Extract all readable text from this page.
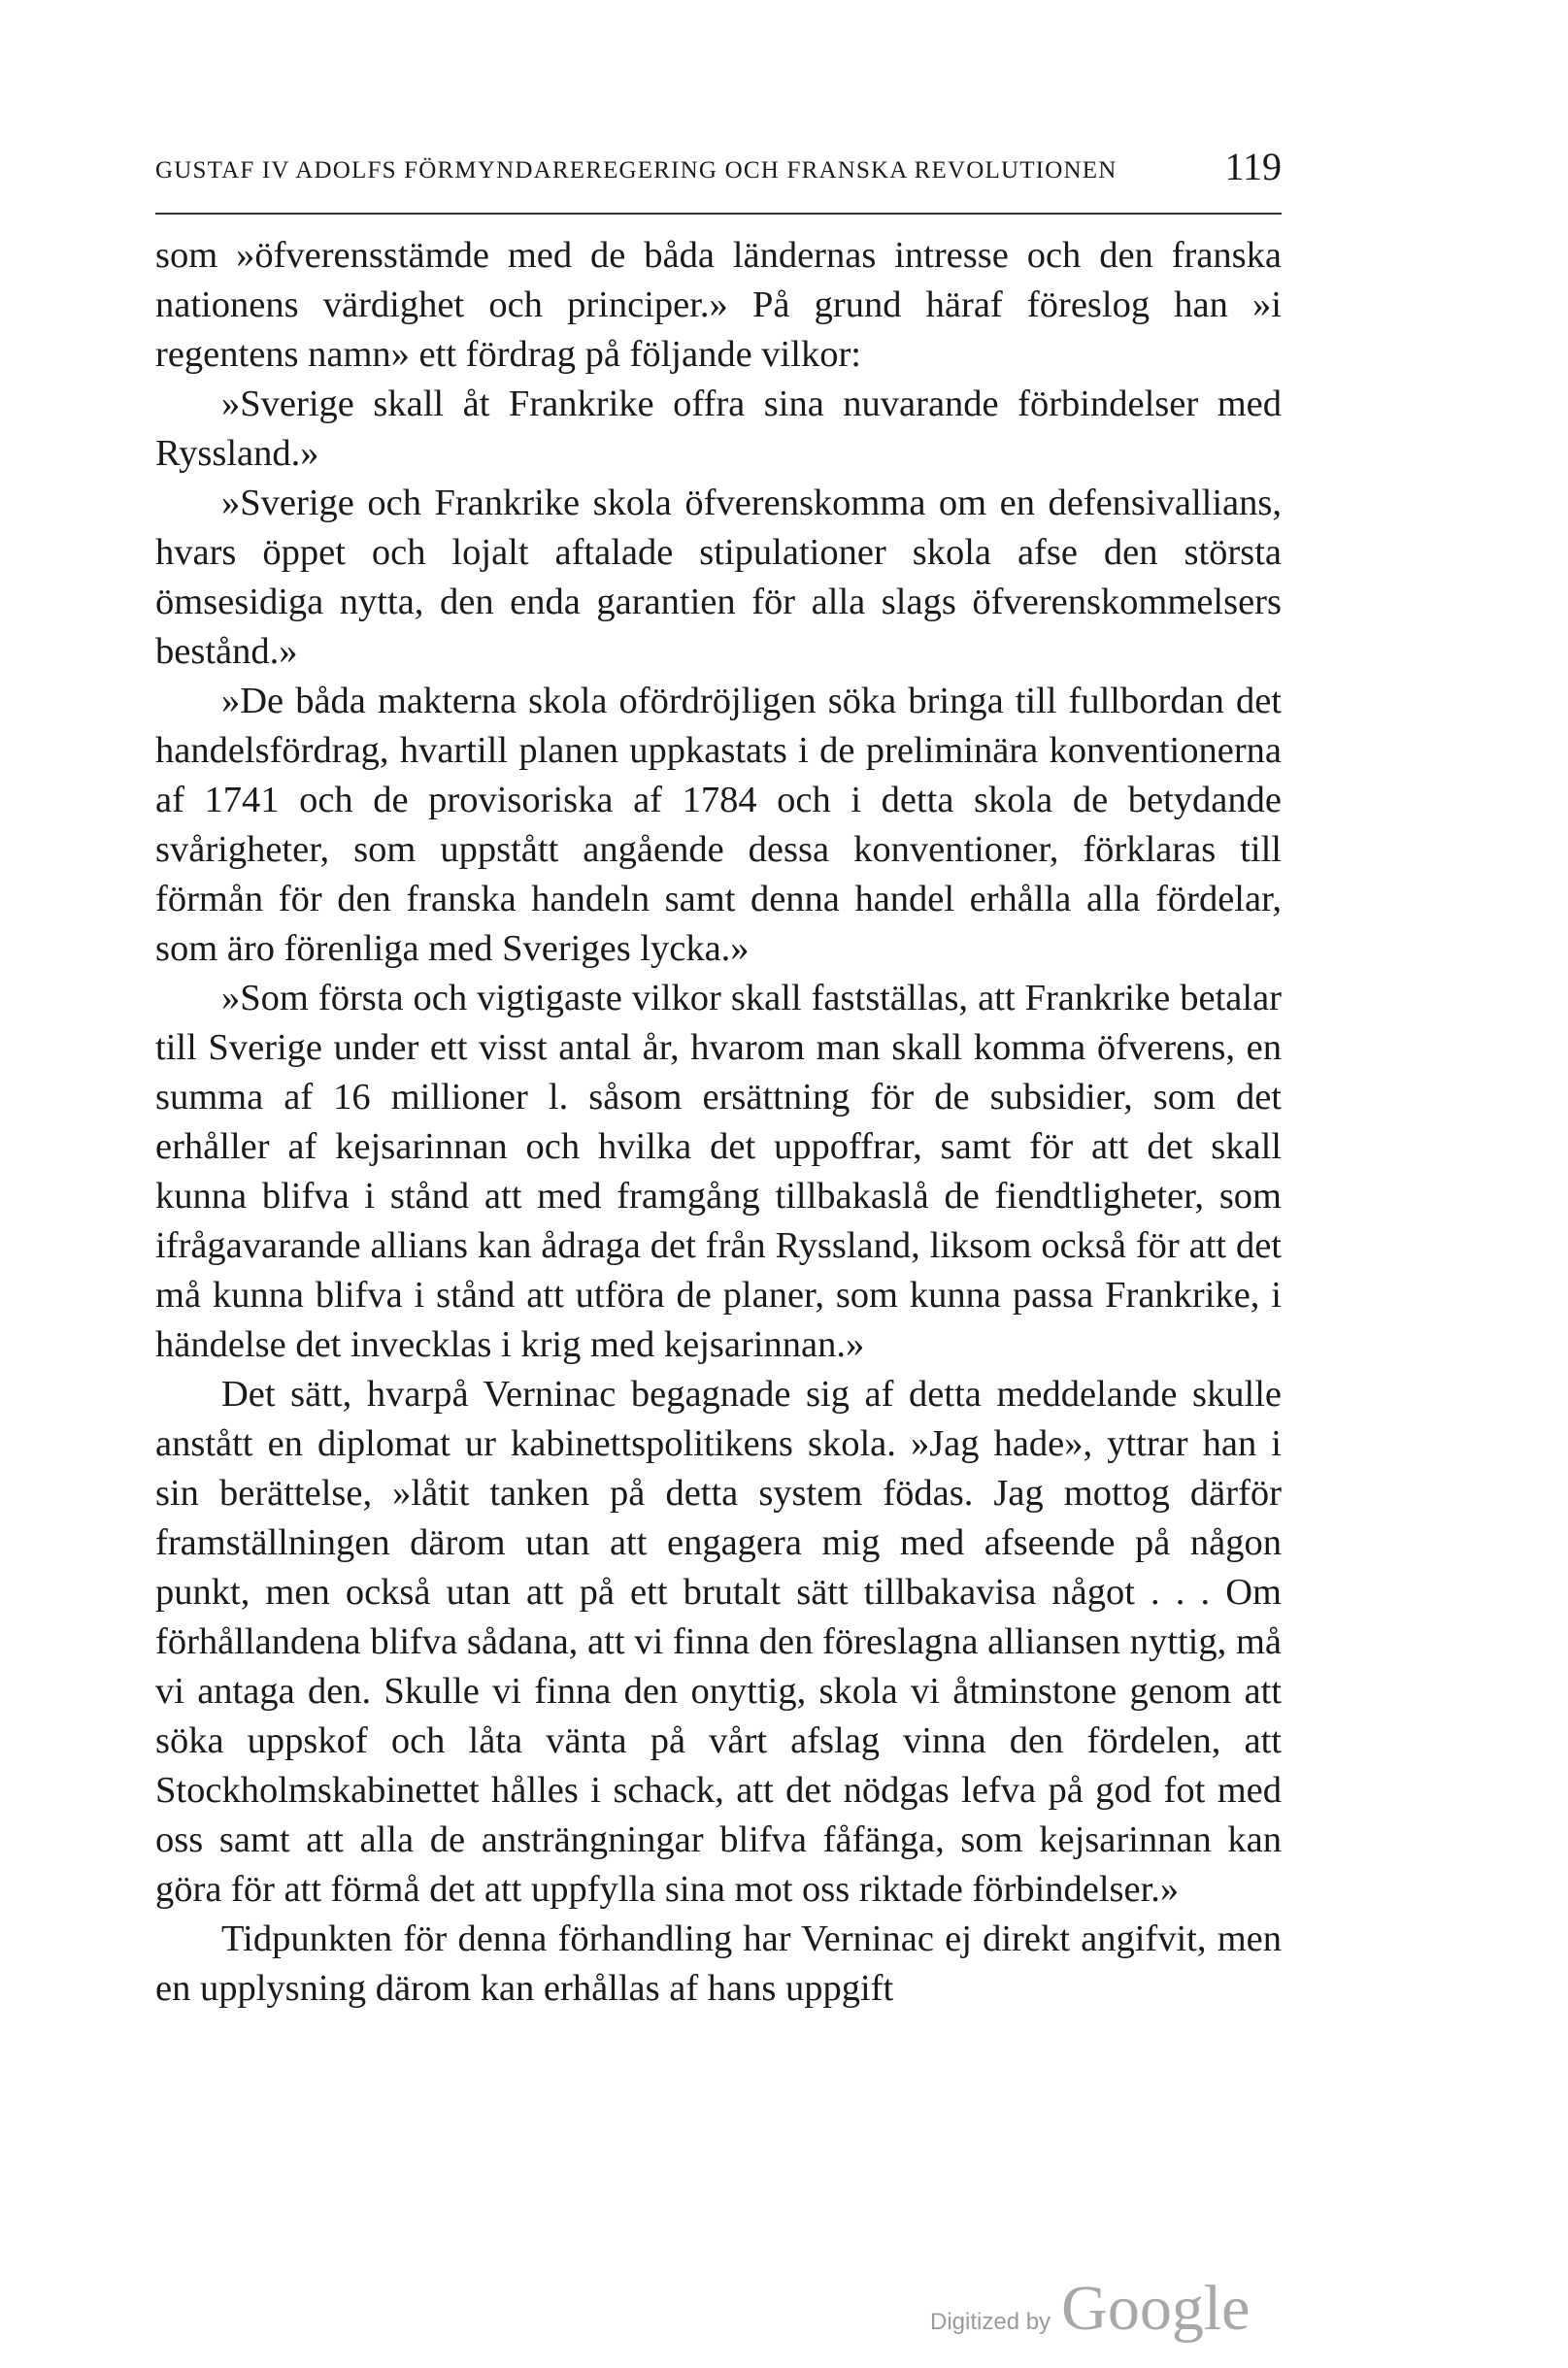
GUSTAF IV ADOLFS FÖRMYNDAREREGERING OCH FRANSKA REVOLUTIONEN	119

som »öfverensstämde med de båda ländernas intresse och den franska nationens värdighet och principer.» På grund häraf föreslog han »i regentens namn» ett fördrag på följande vilkor:

»Sverige skall åt Frankrike offra sina nuvarande förbindelser med Ryssland.»

»Sverige och Frankrike skola öfverenskomma om en defensivallians, hvars öppet och lojalt aftalade stipulationer skola afse den största ömsesidiga nytta, den enda garantien för alla slags öfverenskommelsers bestånd.»

»De båda makterna skola ofördröjligen söka bringa till fullbordan det handelsfördrag, hvartill planen uppkastats i de preliminära konventionerna af 1741 och de provisoriska af 1784 och i detta skola de betydande svårigheter, som uppstått angående dessa konventioner, förklaras till förmån för den franska handeln samt denna handel erhålla alla fördelar, som äro förenliga med Sveriges lycka.»

»Som första och vigtigaste vilkor skall fastställas, att Frankrike betalar till Sverige under ett visst antal år, hvarom man skall komma öfverens, en summa af 16 millioner l. såsom ersättning för de subsidier, som det erhåller af kejsarinnan och hvilka det uppoffrar, samt för att det skall kunna blifva i stånd att med framgång tillbakaslå de fiendtligheter, som ifrågavarande allians kan ådraga det från Ryssland, liksom också för att det må kunna blifva i stånd att utföra de planer, som kunna passa Frankrike, i händelse det invecklas i krig med kejsarinnan.»

Det sätt, hvarpå Verninac begagnade sig af detta meddelande skulle anstått en diplomat ur kabinettspolitikens skola. »Jag hade», yttrar han i sin berättelse, »låtit tanken på detta system födas. Jag mottog därför framställningen därom utan att engagera mig med afseende på någon punkt, men också utan att på ett brutalt sätt tillbakavisa något . . . Om förhållandena blifva sådana, att vi finna den föreslagna alliansen nyttig, må vi antaga den. Skulle vi finna den onyttig, skola vi åtminstone genom att söka uppskof och låta vänta på vårt afslag vinna den fördelen, att Stockholmskabinettet hålles i schack, att det nödgas lefva på god fot med oss samt att alla de ansträngningar blifva fåfänga, som kejsarinnan kan göra för att förmå det att uppfylla sina mot oss riktade förbindelser.»

Tidpunkten för denna förhandling har Verninac ej direkt angifvit, men en upplysning därom kan erhållas af hans uppgift

Digitized by Google
